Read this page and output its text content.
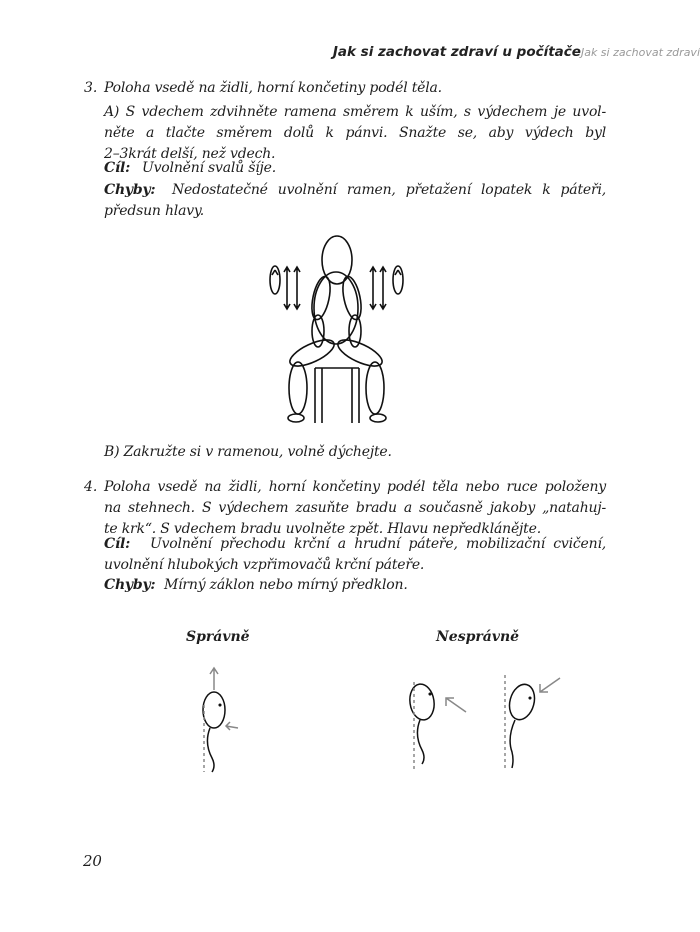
Jak si zachovat zdraví u počítačeJak si zachovat zdraví
3. Poloha vsedě na židli, horní končetiny podél těla.
A) S vdechem zdvihněte ramena směrem k uším, s výdechem je uvol-
něte a tlačte směrem dolů k pánvi. Snažte se, aby výdech byl
2–3krát delší, než vdech.
Cíl: Uvolnění svalů šíje.
Chyby: Nedostatečné uvolnění ramen, přetažení lopatek k páteři,
předsun hlavy.
B) Zakružte si v ramenou, volně dýchejte.
4. Poloha vsedě na židli, horní končetiny podél těla nebo ruce položeny
na stehnech. S výdechem zasuňte bradu a současně jakoby „natahuj-
te krk“. S vdechem bradu uvolněte zpět. Hlavu nepředklánějte.
Cíl: Uvolnění přechodu krční a hrudní páteře, mobilizační cvičení,
uvolnění hlubokých vzpřimovačů krční páteře.
Chyby: Mírný záklon nebo mírný předklon.
Správně	Nesprávně
20
